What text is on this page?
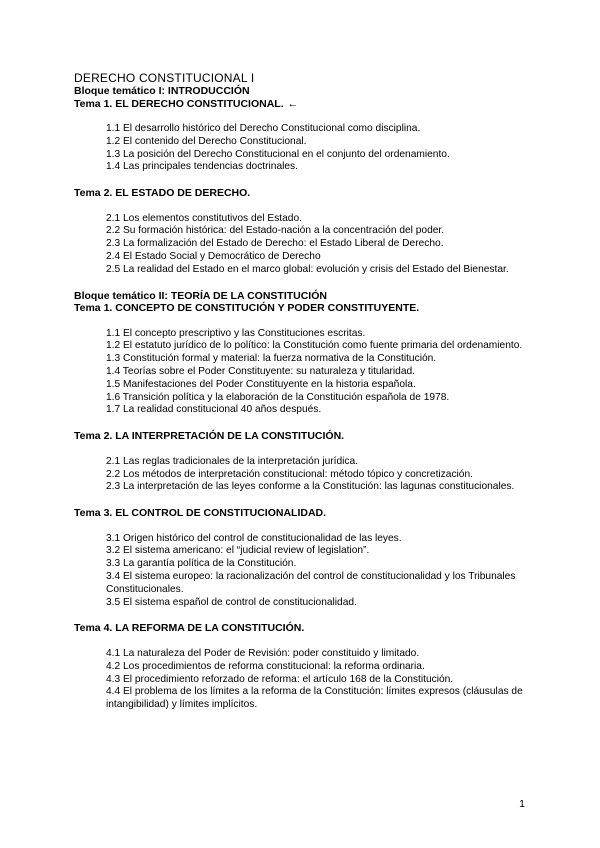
DERECHO CONSTITUCIONAL I
Bloque temático I: INTRODUCCIÓN
Tema 1. EL DERECHO CONSTITUCIONAL. ←
1.1 El desarrollo histórico del Derecho Constitucional como disciplina.
1.2 El contenido del Derecho Constitucional.
1.3 La posición del Derecho Constitucional en el conjunto del ordenamiento.
1.4 Las principales tendencias doctrinales.
Tema 2. EL ESTADO DE DERECHO.
2.1 Los elementos constitutivos del Estado.
2.2 Su formación histórica: del Estado-nación a la concentración del poder.
2.3 La formalización del Estado de Derecho: el Estado Liberal de Derecho.
2.4 El Estado Social y Democrático de Derecho
2.5 La realidad del Estado en el marco global: evolución y crisis del Estado del Bienestar.
Bloque temático II: TEORÍA DE LA CONSTITUCIÓN
Tema 1. CONCEPTO DE CONSTITUCIÓN Y PODER CONSTITUYENTE.
1.1 El concepto prescriptivo y las Constituciones escritas.
1.2 El estatuto jurídico de lo político: la Constitución como fuente primaria del ordenamiento.
1.3 Constitución formal y material: la fuerza normativa de la Constitución.
1.4 Teorías sobre el Poder Constituyente: su naturaleza y titularidad.
1.5 Manifestaciones del Poder Constituyente en la historia española.
1.6 Transición política y la elaboración de la Constitución española de 1978.
1.7 La realidad constitucional 40 años después.
Tema 2. LA INTERPRETACIÓN DE LA CONSTITUCIÓN.
2.1 Las reglas tradicionales de la interpretación jurídica.
2.2 Los métodos de interpretación constitucional: método tópico y concretización.
2.3 La interpretación de las leyes conforme a la Constitución: las lagunas constitucionales.
Tema 3. EL CONTROL DE CONSTITUCIONALIDAD.
3.1 Origen histórico del control de constitucionalidad de las leyes.
3.2 El sistema americano: el “judicial review of legislation”.
3.3 La garantía política de la Constitución.
3.4 El sistema europeo: la racionalización del control de constitucionalidad y los Tribunales Constitucionales.
3.5 El sistema español de control de constitucionalidad.
Tema 4. LA REFORMA DE LA CONSTITUCIÓN.
4.1 La naturaleza del Poder de Revisión: poder constituido y limitado.
4.2 Los procedimientos de reforma constitucional: la reforma ordinaria.
4.3 El procedimiento reforzado de reforma: el artículo 168 de la Constitución.
4.4 El problema de los límites a la reforma de la Constitución: límites expresos (cláusulas de intangibilidad) y límites implícitos.
1
